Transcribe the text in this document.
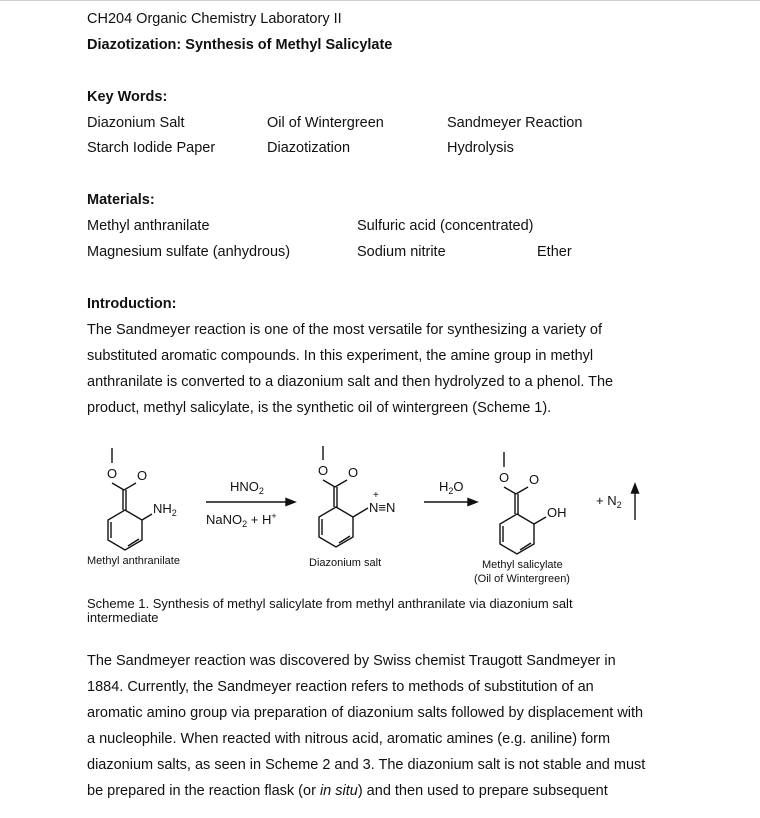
CH204 Organic Chemistry Laboratory II
Diazotization: Synthesis of Methyl Salicylate
Key Words:
Diazonium Salt	Oil of Wintergreen	Sandmeyer Reaction
Starch Iodide Paper	Diazotization	Hydrolysis
Materials:
Methyl anthranilate	Sulfuric acid (concentrated)
Magnesium sulfate (anhydrous)	Sodium nitrite	Ether
Introduction:

The Sandmeyer reaction is one of the most versatile for synthesizing a variety of

substituted aromatic compounds. In this experiment, the amine group in methyl

anthranilate is converted to a diazonium salt and then hydrolyzed to a phenol. The

product, methyl salicylate, is the synthetic oil of wintergreen (Scheme 1).

O O
$NH_2$
$HNO_2$
NaNO$_2$ + H+
O O
+
N≡N
$H_2O$
O O
OH
+ $N_2$
Methyl anthranilate	Diazonium salt	Methyl salicylate
(Oil of Wintergreen)

Scheme 1. Synthesis of methyl salicylate from methyl anthranilate via diazonium salt

intermediate

The Sandmeyer reaction was discovered by Swiss chemist Traugott Sandmeyer in

1884. Currently, the Sandmeyer reaction refers to methods of substitution of an

aromatic amino group via preparation of diazonium salts followed by displacement with

a nucleophile. When reacted with nitrous acid, aromatic amines (e.g. aniline) form

diazonium salts, as seen in Scheme 2 and 3. The diazonium salt is not stable and must

be prepared in the reaction flask (or in situ) and then used to prepare subsequent
